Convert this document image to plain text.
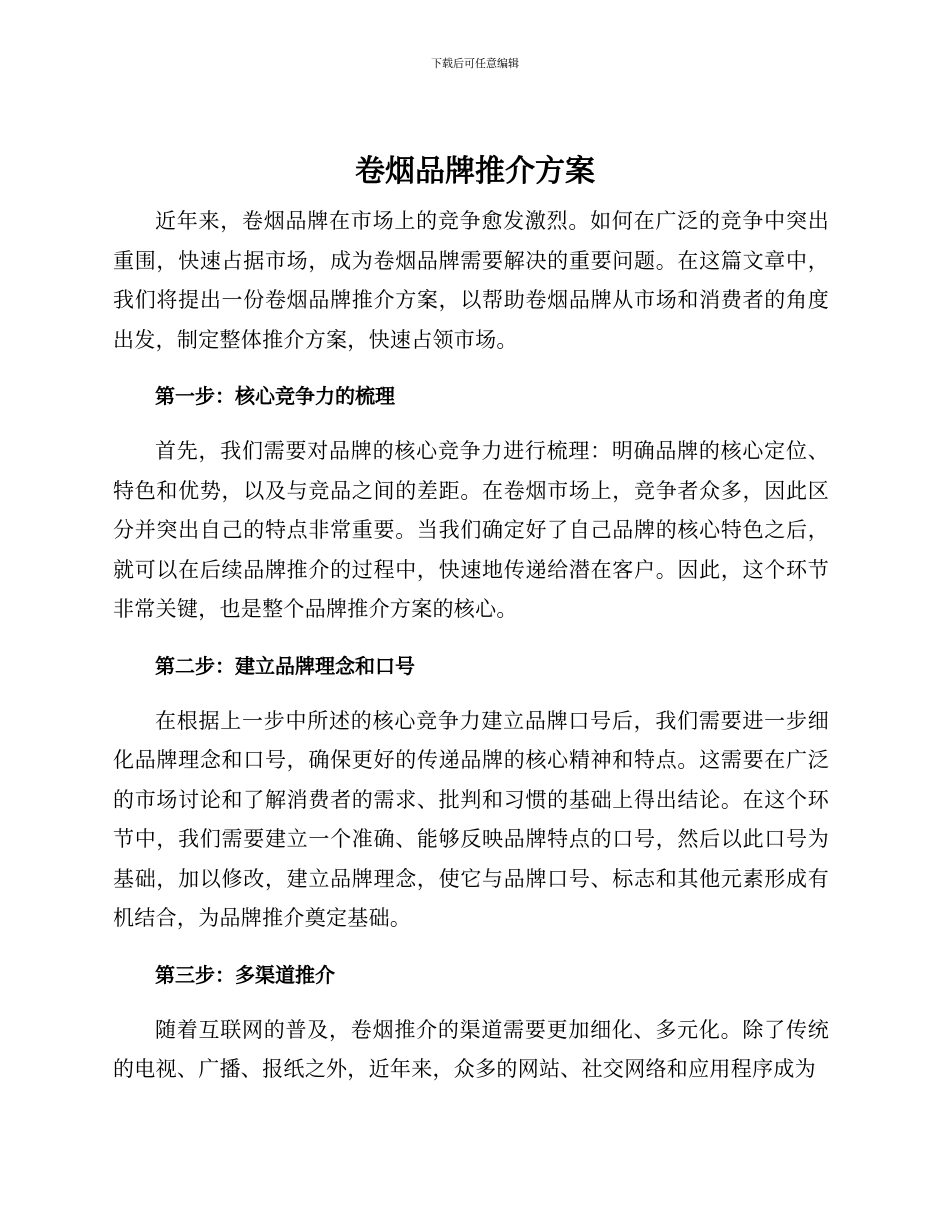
下载后可任意编辑
卷烟品牌推介方案

近年来，卷烟品牌在市场上的竞争愈发激烈。如何在广泛的竞争中突出重围，快速占据市场，成为卷烟品牌需要解决的重要问题。在这篇文章中，我们将提出一份卷烟品牌推介方案，以帮助卷烟品牌从市场和消费者的角度出发，制定整体推介方案，快速占领市场。

第一步：核心竞争力的梳理

首先，我们需要对品牌的核心竞争力进行梳理：明确品牌的核心定位、特色和优势，以及与竞品之间的差距。在卷烟市场上，竞争者众多，因此区分并突出自己的特点非常重要。当我们确定好了自己品牌的核心特色之后，就可以在后续品牌推介的过程中，快速地传递给潜在客户。因此，这个环节非常关键，也是整个品牌推介方案的核心。

第二步：建立品牌理念和口号

在根据上一步中所述的核心竞争力建立品牌口号后，我们需要进一步细化品牌理念和口号，确保更好的传递品牌的核心精神和特点。这需要在广泛的市场讨论和了解消费者的需求、批判和习惯的基础上得出结论。在这个环节中，我们需要建立一个准确、能够反映品牌特点的口号，然后以此口号为基础，加以修改，建立品牌理念，使它与品牌口号、标志和其他元素形成有机结合，为品牌推介奠定基础。

第三步：多渠道推介

随着互联网的普及，卷烟推介的渠道需要更加细化、多元化。除了传统的电视、广播、报纸之外，近年来，众多的网站、社交网络和应用程序成为
